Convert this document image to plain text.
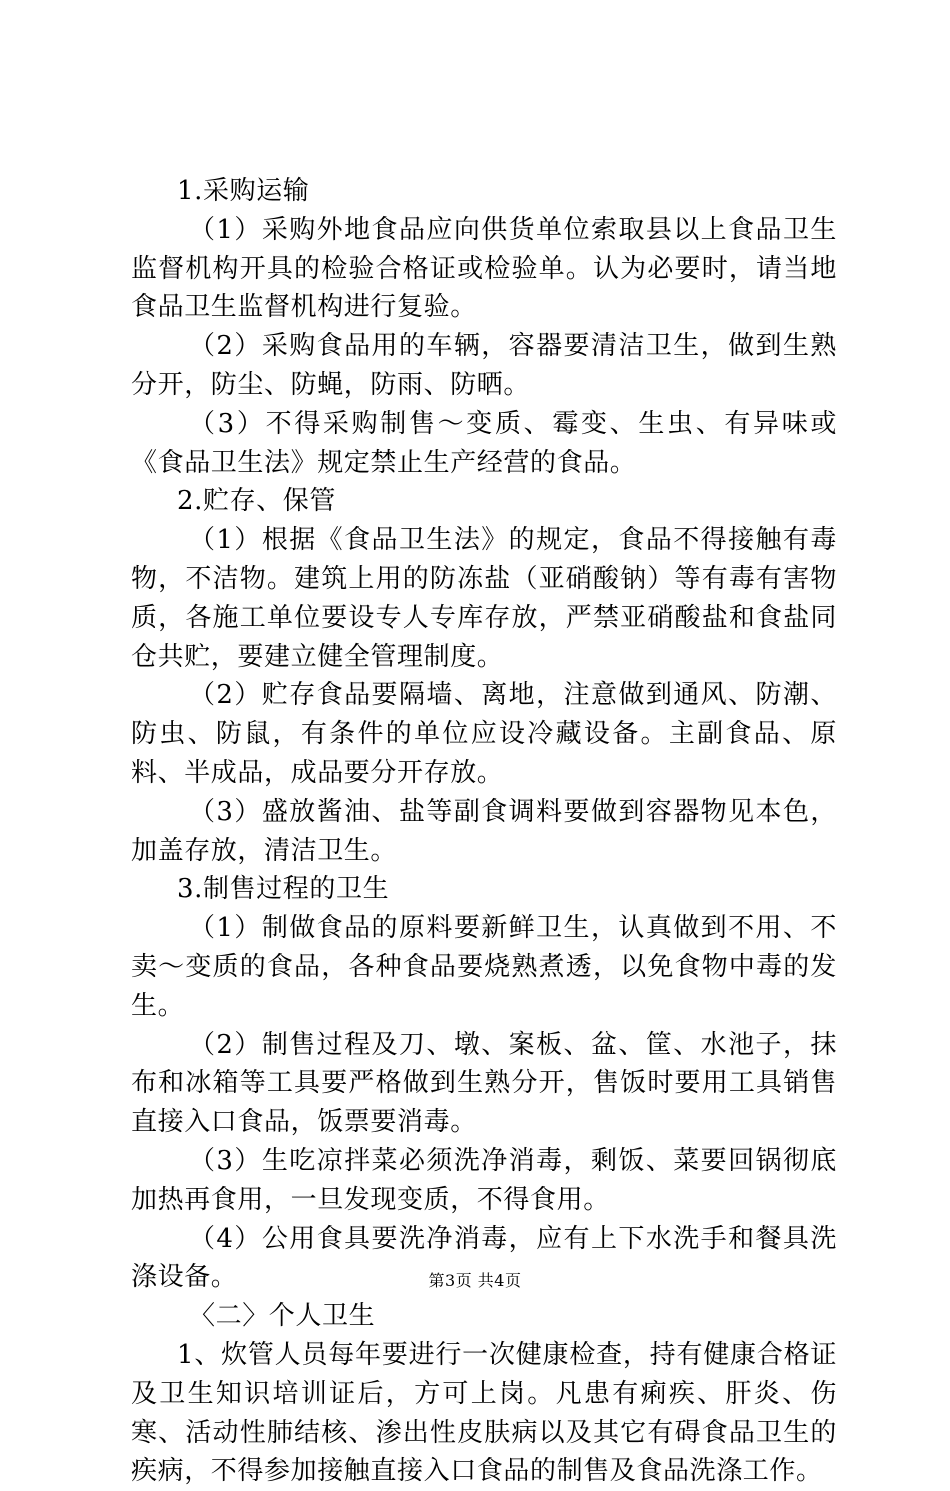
1.采购运输

（1）采购外地食品应向供货单位索取县以上食品卫生监督机构开具的检验合格证或检验单。认为必要时，请当地食品卫生监督机构进行复验。

（2）采购食品用的车辆，容器要清洁卫生，做到生熟分开，防尘、防蝇，防雨、防晒。

（3）不得采购制售～变质、霉变、生虫、有异味或《食品卫生法》规定禁止生产经营的食品。

2.贮存、保管

（1）根据《食品卫生法》的规定，食品不得接触有毒物，不洁物。建筑上用的防冻盐（亚硝酸钠）等有毒有害物质，各施工单位要设专人专库存放，严禁亚硝酸盐和食盐同仓共贮，要建立健全管理制度。

（2）贮存食品要隔墙、离地，注意做到通风、防潮、防虫、防鼠，有条件的单位应设冷藏设备。主副食品、原料、半成品，成品要分开存放。

（3）盛放酱油、盐等副食调料要做到容器物见本色，加盖存放，清洁卫生。

3.制售过程的卫生

（1）制做食品的原料要新鲜卫生，认真做到不用、不卖～变质的食品，各种食品要烧熟煮透，以免食物中毒的发生。

（2）制售过程及刀、墩、案板、盆、筐、水池子，抹布和冰箱等工具要严格做到生熟分开，售饭时要用工具销售直接入口食品，饭票要消毒。

（3）生吃凉拌菜必须洗净消毒，剩饭、菜要回锅彻底加热再食用，一旦发现变质，不得食用。

（4）公用食具要洗净消毒，应有上下水洗手和餐具洗涤设备。

〈二〉个人卫生

1、炊管人员每年要进行一次健康检查，持有健康合格证及卫生知识培训证后，方可上岗。凡患有痢疾、肝炎、伤寒、活动性肺结核、渗出性皮肤病以及其它有碍食品卫生的疾病，不得参加接触直接入口食品的制售及食品洗涤工作。

第3页 共4页
